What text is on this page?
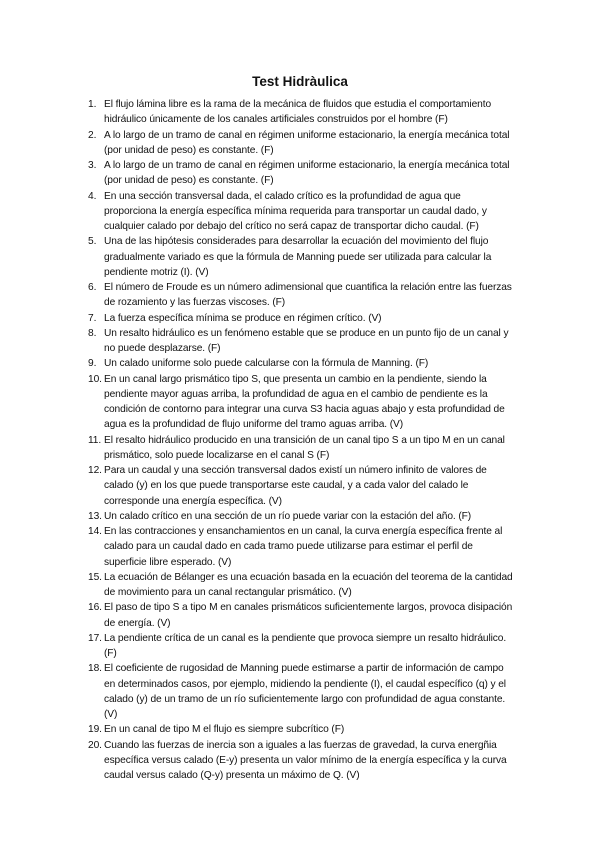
Test Hidràulica
1. El flujo lámina libre es la rama de la mecánica de fluidos que estudia el comportamiento hidráulico únicamente de los canales artificiales construidos por el hombre (F)
2. A lo largo de un tramo de canal en régimen uniforme estacionario, la energía mecánica total (por unidad de peso) es constante. (F)
3. A lo largo de un tramo de canal en régimen uniforme estacionario, la energía mecánica total (por unidad de peso) es constante. (F)
4. En una sección transversal dada, el calado crítico es la profundidad de agua que proporciona la energía específica mínima requerida para transportar un caudal dado, y cualquier calado por debajo del crítico no será capaz de transportar dicho caudal. (F)
5. Una de las hipótesis considerades para desarrollar la ecuación del movimiento del flujo gradualmente variado es que la fórmula de Manning puede ser utilizada para calcular la pendiente motriz (I). (V)
6. El número de Froude es un número adimensional que cuantifica la relación entre las fuerzas de rozamiento y las fuerzas viscoses. (F)
7. La fuerza específica mínima se produce en régimen crítico. (V)
8. Un resalto hidráulico es un fenómeno estable que se produce en un punto fijo de un canal y no puede desplazarse. (F)
9. Un calado uniforme solo puede calcularse con la fórmula de Manning. (F)
10. En un canal largo prismático tipo S, que presenta un cambio en la pendiente, siendo la pendiente mayor aguas arriba, la profundidad de agua en el cambio de pendiente es la condición de contorno para integrar una curva S3 hacia aguas abajo y esta profundidad de agua es la profundidad de flujo uniforme del tramo aguas arriba. (V)
11. El resalto hidráulico producido en una transición de un canal tipo S a un tipo M en un canal prismático, solo puede localizarse en el canal S (F)
12. Para un caudal y una sección transversal dados existí un número infinito de valores de calado (y) en los que puede transportarse este caudal, y a cada valor del calado le corresponde una energía específica. (V)
13. Un calado crítico en una sección de un río puede variar con la estación del año. (F)
14. En las contracciones y ensanchamientos en un canal, la curva energía específica frente al calado para un caudal dado en cada tramo puede utilizarse para estimar el perfil de superficie libre esperado. (V)
15. La ecuación de Bélanger es una ecuación basada en la ecuación del teorema de la cantidad de movimiento para un canal rectangular prismático. (V)
16. El paso de tipo S a tipo M en canales prismáticos suficientemente largos, provoca disipación de energía. (V)
17. La pendiente crítica de un canal es la pendiente que provoca siempre un resalto hidráulico. (F)
18. El coeficiente de rugosidad de Manning puede estimarse a partir de información de campo en determinados casos, por ejemplo, midiendo la pendiente (I), el caudal específico (q) y el calado (y) de un tramo de un río suficientemente largo con profundidad de agua constante. (V)
19. En un canal de tipo M el flujo es siempre subcrítico (F)
20. Cuando las fuerzas de inercia son a iguales a las fuerzas de gravedad, la curva energñia específica versus calado (E-y) presenta un valor mínimo de la energía específica y la curva caudal versus calado (Q-y) presenta un máximo de Q. (V)
